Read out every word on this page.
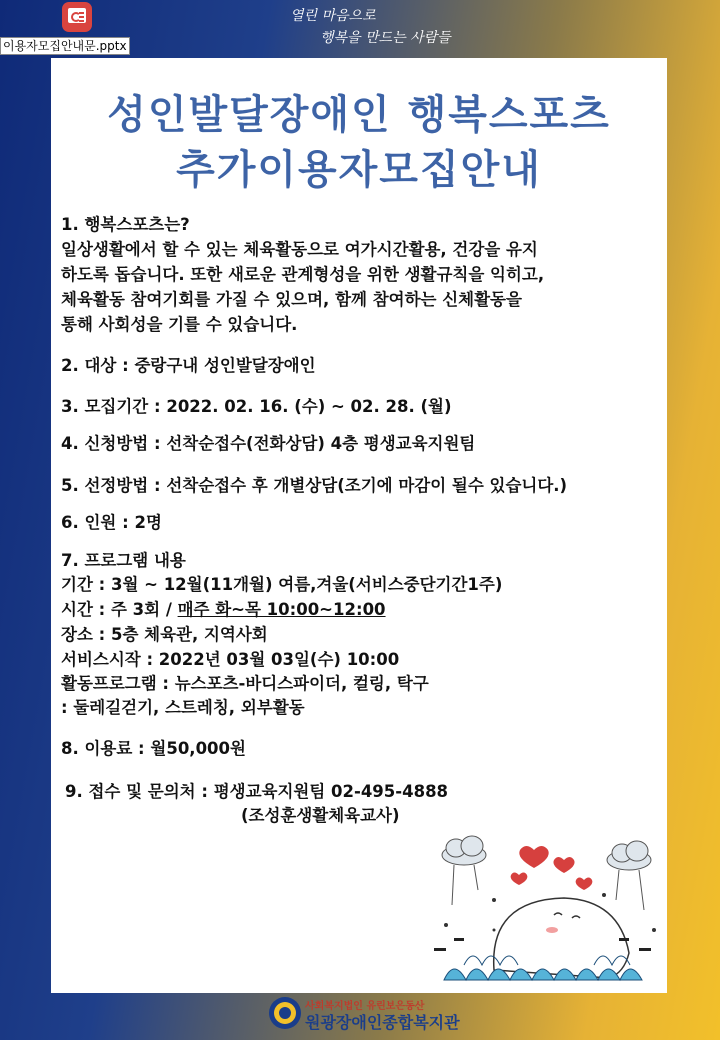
이용자모집안내문.pptx
열린 마음으로
행복을 만드는 사람들
성인발달장애인 행복스포츠
추가이용자모집안내

1. 행복스포츠는?

일상생활에서 할 수 있는 체육활동으로 여가시간활용, 건강을 유지

하도록 돕습니다. 또한 새로운 관계형성을 위한 생활규칙을 익히고,

체육활동 참여기회를 가질 수 있으며, 함께 참여하는 신체활동을

통해 사회성을 기를 수 있습니다.

2. 대상 : 중랑구내 성인발달장애인

3. 모집기간 : 2022. 02. 16. (수) ~ 02. 28. (월)

4. 신청방법 : 선착순접수(전화상담) 4층 평생교육지원팀

5. 선정방법 : 선착순접수 후 개별상담(조기에 마감이 될수 있습니다.)

6. 인원 : 2명

7. 프로그램 내용

기간 : 3월 ~ 12월(11개월) 여름,겨울(서비스중단기간1주)

시간 : 주 3회 / 매주 화~목 10:00~12:00

장소 : 5층 체육관, 지역사회

서비스시작 : 2022년 03월 03일(수) 10:00

활동프로그램 : 뉴스포츠-바디스파이더, 컬링, 탁구

: 둘레길걷기, 스트레칭, 외부활동

8. 이용료 : 월50,000원

9. 접수 및 문의처 : 평생교육지원팀 02-495-4888

(조성훈생활체육교사)

사회복지법인 유린보은동산
원광장애인종합복지관
